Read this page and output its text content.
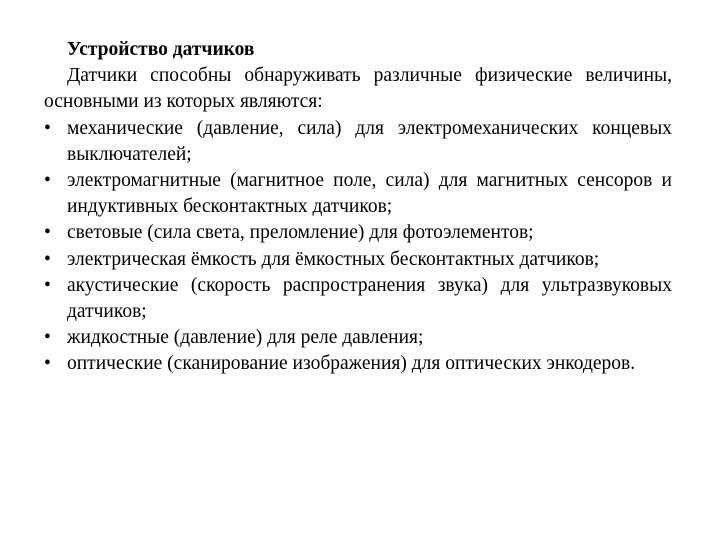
Устройство датчиков

Датчики способны обнаруживать различные физические величины, основными из которых являются:

• механические (давление, сила) для электромеханических концевых выключателей;
• электромагнитные (магнитное поле, сила) для магнитных сенсоров и индуктивных бесконтактных датчиков;
• световые (сила света, преломление) для фотоэлементов;
• электрическая ёмкость для ёмкостных бесконтактных датчиков;
• акустические (скорость распространения звука) для ультразвуковых датчиков;
• жидкостные (давление) для реле давления;
• оптические (сканирование изображения) для оптических энкодеров.
